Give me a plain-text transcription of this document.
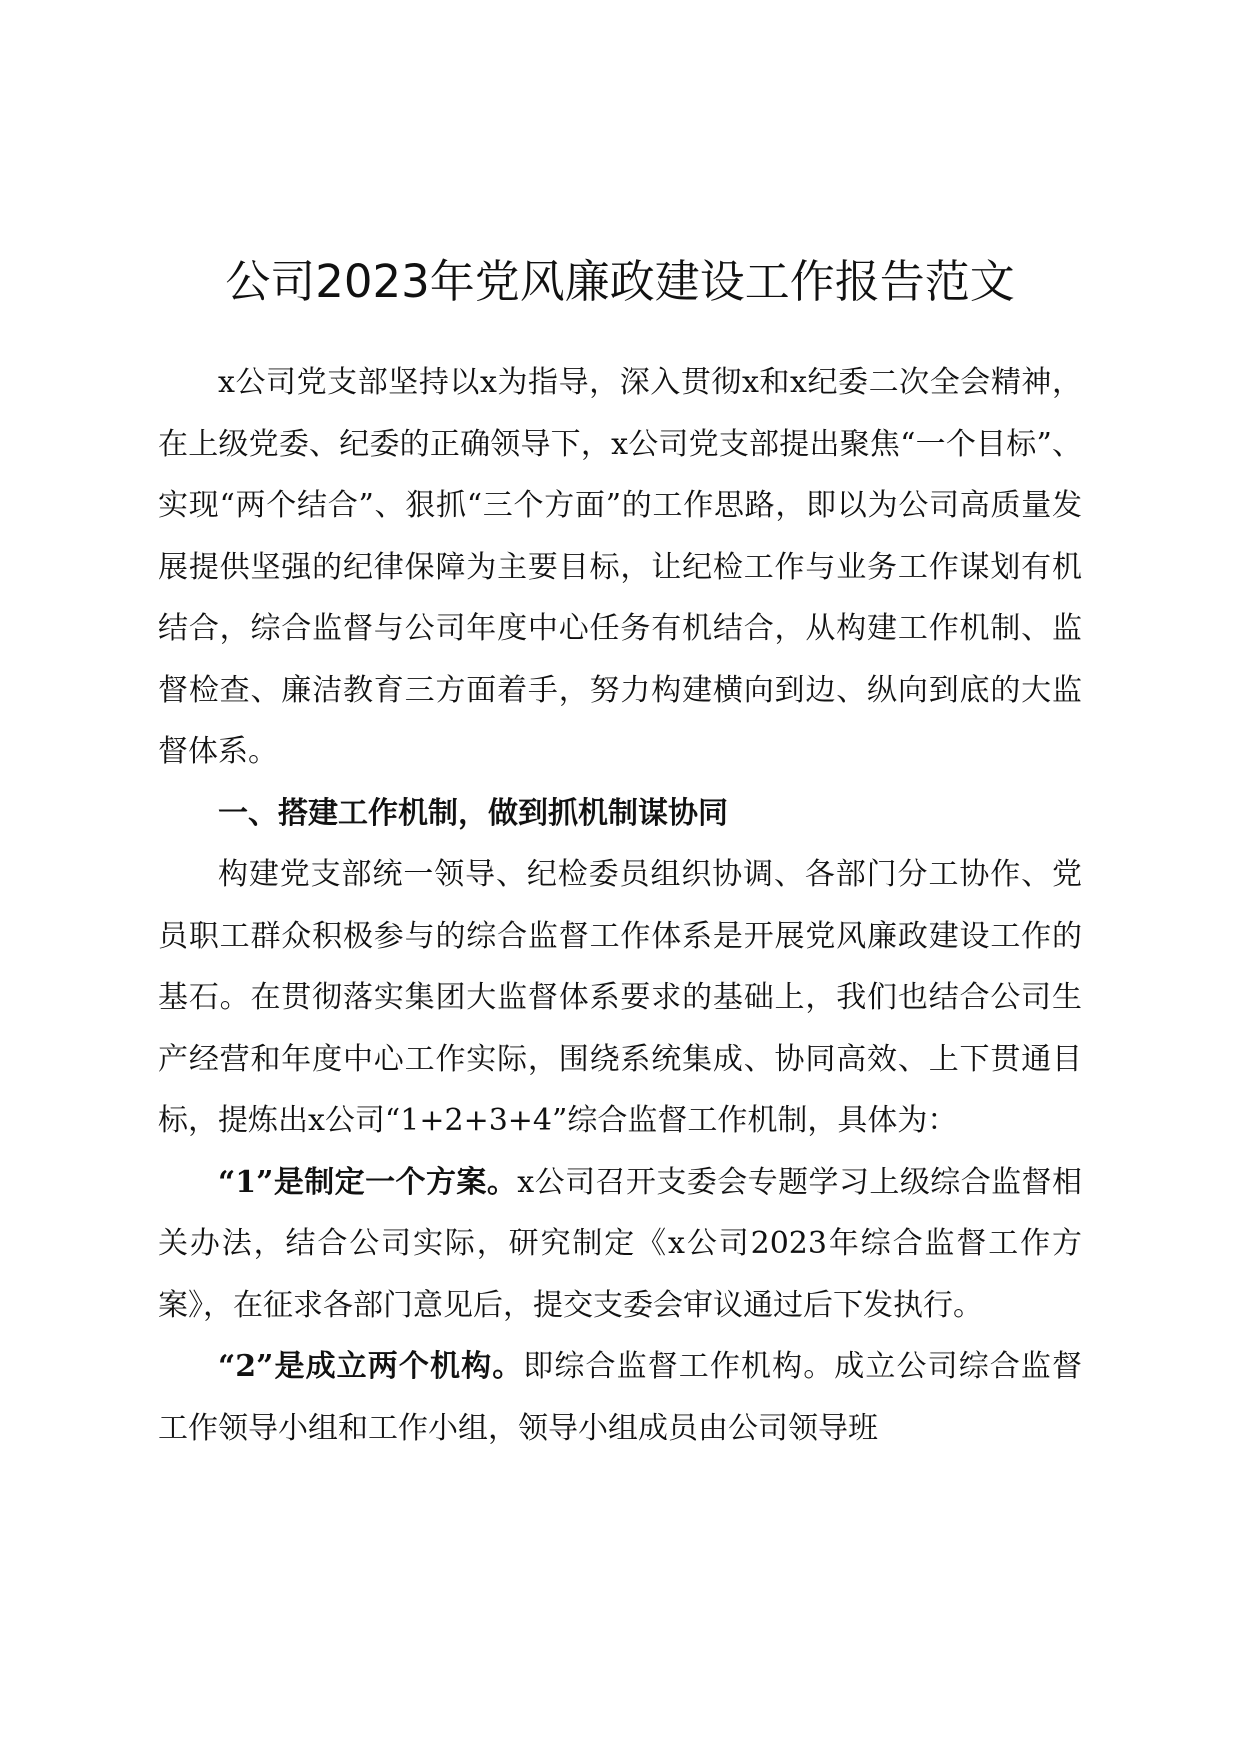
公司2023年党风廉政建设工作报告范文

x公司党支部坚持以x为指导，深入贯彻x和x纪委二次全会精神，在上级党委、纪委的正确领导下，x公司党支部提出聚焦“一个目标”、实现“两个结合”、狠抓“三个方面”的工作思路，即以为公司高质量发展提供坚强的纪律保障为主要目标，让纪检工作与业务工作谋划有机结合，综合监督与公司年度中心任务有机结合，从构建工作机制、监督检查、廉洁教育三方面着手，努力构建横向到边、纵向到底的大监督体系。

一、搭建工作机制，做到抓机制谋协同

构建党支部统一领导、纪检委员组织协调、各部门分工协作、党员职工群众积极参与的综合监督工作体系是开展党风廉政建设工作的基石。在贯彻落实集团大监督体系要求的基础上，我们也结合公司生产经营和年度中心工作实际，围绕系统集成、协同高效、上下贯通目标，提炼出x公司“1+2+3+4”综合监督工作机制，具体为：

“1”是制定一个方案。x公司召开支委会专题学习上级综合监督相关办法，结合公司实际，研究制定《x公司2023年综合监督工作方案》，在征求各部门意见后，提交支委会审议通过后下发执行。

“2”是成立两个机构。即综合监督工作机构。成立公司综合监督工作领导小组和工作小组，领导小组成员由公司领导班
